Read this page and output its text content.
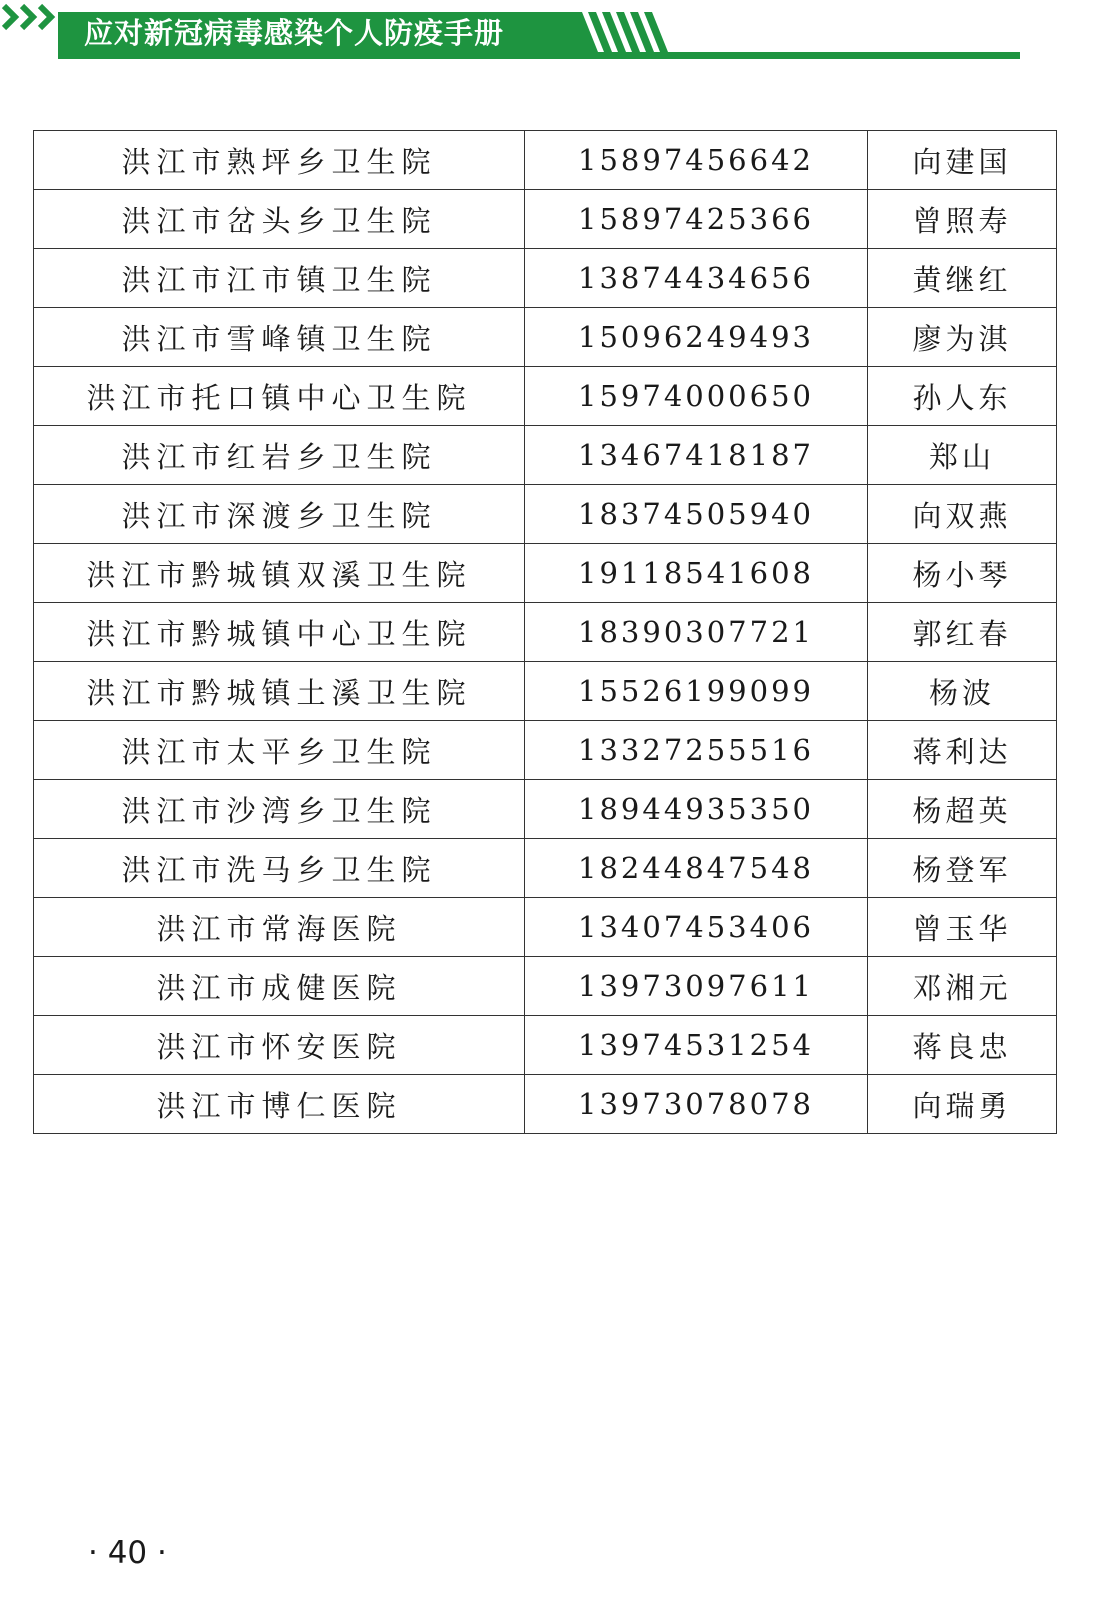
应对新冠病毒感染个人防疫手册
洪江市熟坪乡卫生院	15897456642	向建国
洪江市岔头乡卫生院	15897425366	曾照寿
洪江市江市镇卫生院	13874434656	黄继红
洪江市雪峰镇卫生院	15096249493	廖为淇
洪江市托口镇中心卫生院	15974000650	孙人东
洪江市红岩乡卫生院	13467418187	郑山
洪江市深渡乡卫生院	18374505940	向双燕
洪江市黔城镇双溪卫生院	19118541608	杨小琴
洪江市黔城镇中心卫生院	18390307721	郭红春
洪江市黔城镇土溪卫生院	15526199099	杨波
洪江市太平乡卫生院	13327255516	蒋利达
洪江市沙湾乡卫生院	18944935350	杨超英
洪江市洗马乡卫生院	18244847548	杨登军
洪江市常海医院	13407453406	曾玉华
洪江市成健医院	13973097611	邓湘元
洪江市怀安医院	13974531254	蒋良忠
洪江市博仁医院	13973078078	向瑞勇
· 40 ·
